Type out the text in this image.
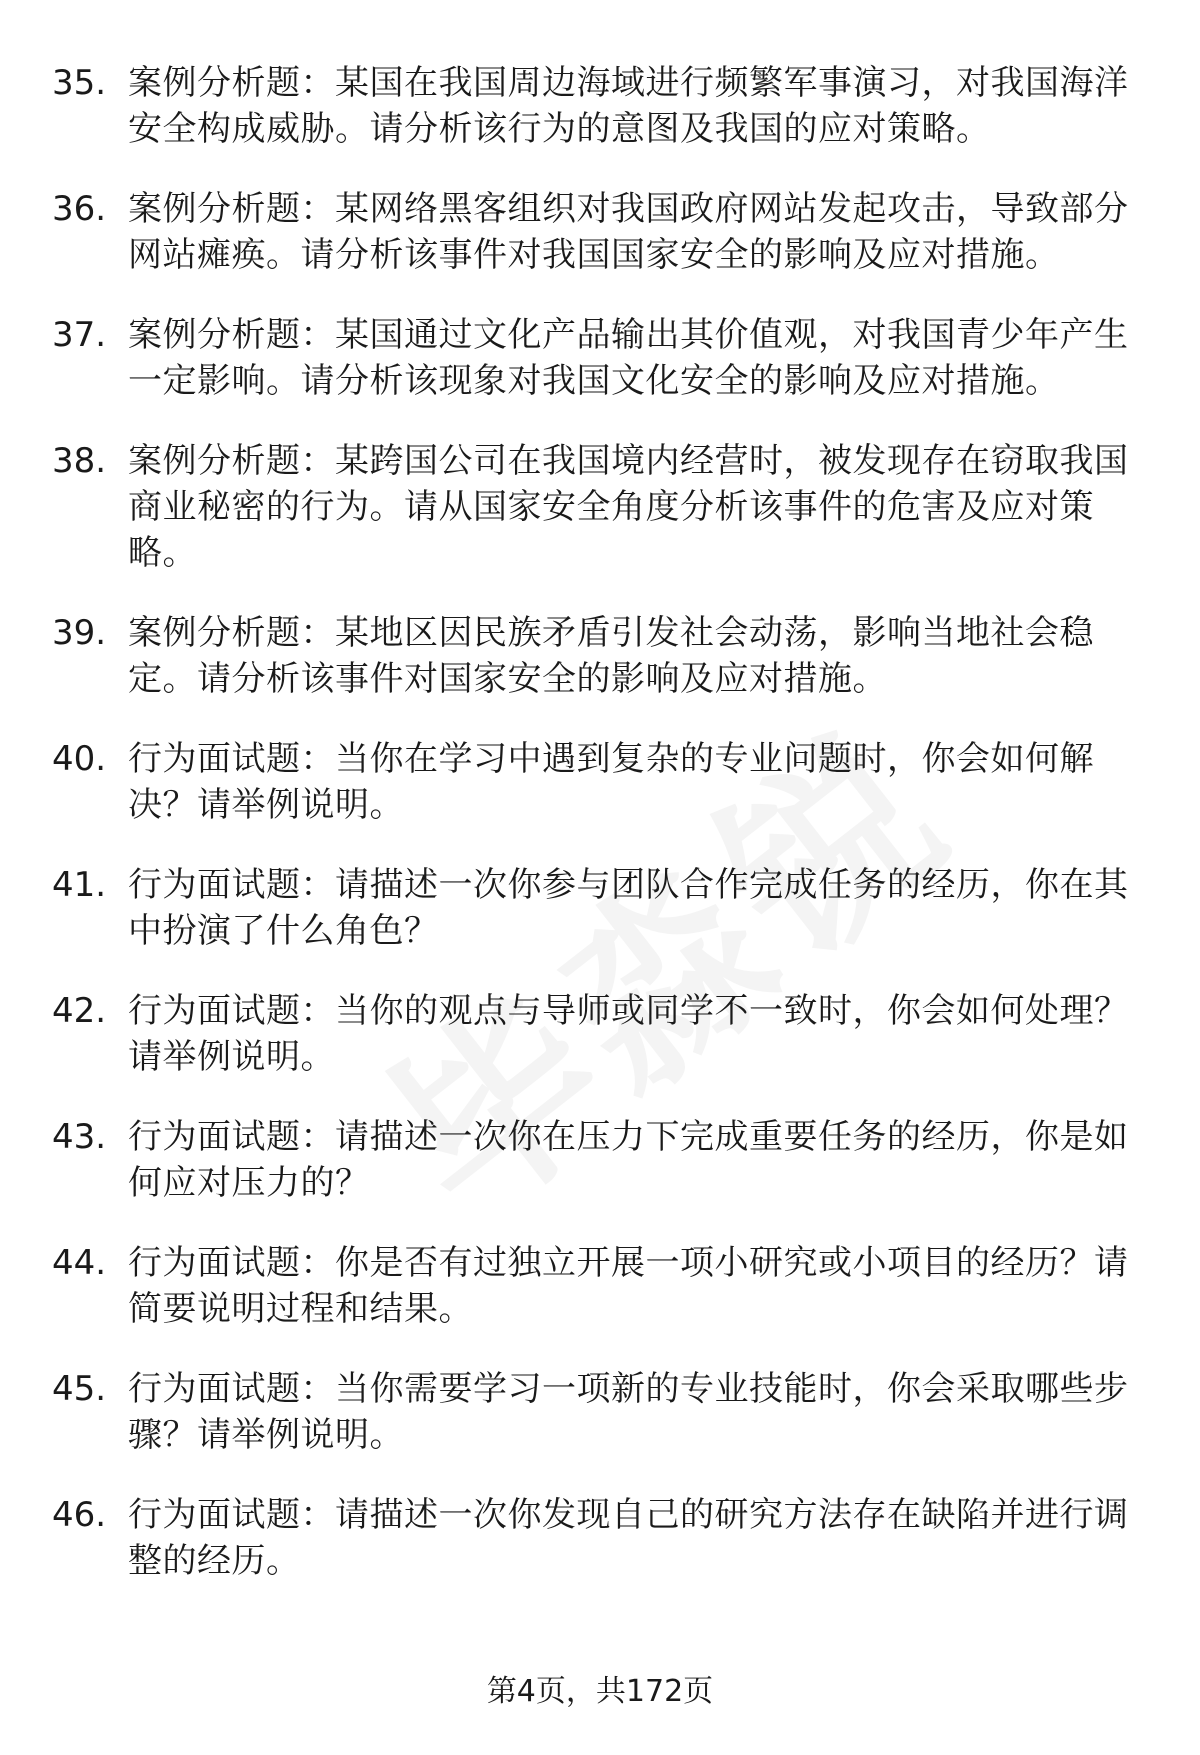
35. 案例分析题：某国在我国周边海域进行频繁军事演习，对我国海洋安全构成威胁。请分析该行为的意图及我国的应对策略。
36. 案例分析题：某网络黑客组织对我国政府网站发起攻击，导致部分网站瘫痪。请分析该事件对我国国家安全的影响及应对措施。
37. 案例分析题：某国通过文化产品输出其价值观，对我国青少年产生一定影响。请分析该现象对我国文化安全的影响及应对措施。
38. 案例分析题：某跨国公司在我国境内经营时，被发现存在窃取我国商业秘密的行为。请从国家安全角度分析该事件的危害及应对策略。
39. 案例分析题：某地区因民族矛盾引发社会动荡，影响当地社会稳定。请分析该事件对国家安全的影响及应对措施。
40. 行为面试题：当你在学习中遇到复杂的专业问题时，你会如何解决？请举例说明。
41. 行为面试题：请描述一次你参与团队合作完成任务的经历，你在其中扮演了什么角色？
42. 行为面试题：当你的观点与导师或同学不一致时，你会如何处理？请举例说明。
43. 行为面试题：请描述一次你在压力下完成重要任务的经历，你是如何应对压力的？
44. 行为面试题：你是否有过独立开展一项小研究或小项目的经历？请简要说明过程和结果。
45. 行为面试题：当你需要学习一项新的专业技能时，你会采取哪些步骤？请举例说明。
46. 行为面试题：请描述一次你发现自己的研究方法存在缺陷并进行调整的经历。
第4页，共172页
